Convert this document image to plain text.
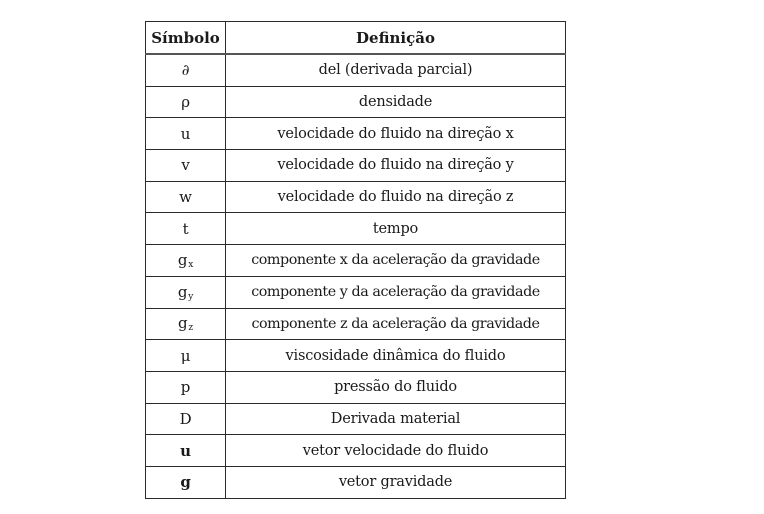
Símbolo	Definição
∂	del (derivada parcial)
ρ	densidade
u	velocidade do fluido na direção x
v	velocidade do fluido na direção y
w	velocidade do fluido na direção z
t	tempo
$g_x$	componente x da aceleração da gravidade
$g_y$	componente y da aceleração da gravidade
$g_z$	componente z da aceleração da gravidade
μ	viscosidade dinâmica do fluido
p	pressão do fluido
D	Derivada material
u	vetor velocidade do fluido
g	vetor gravidade
